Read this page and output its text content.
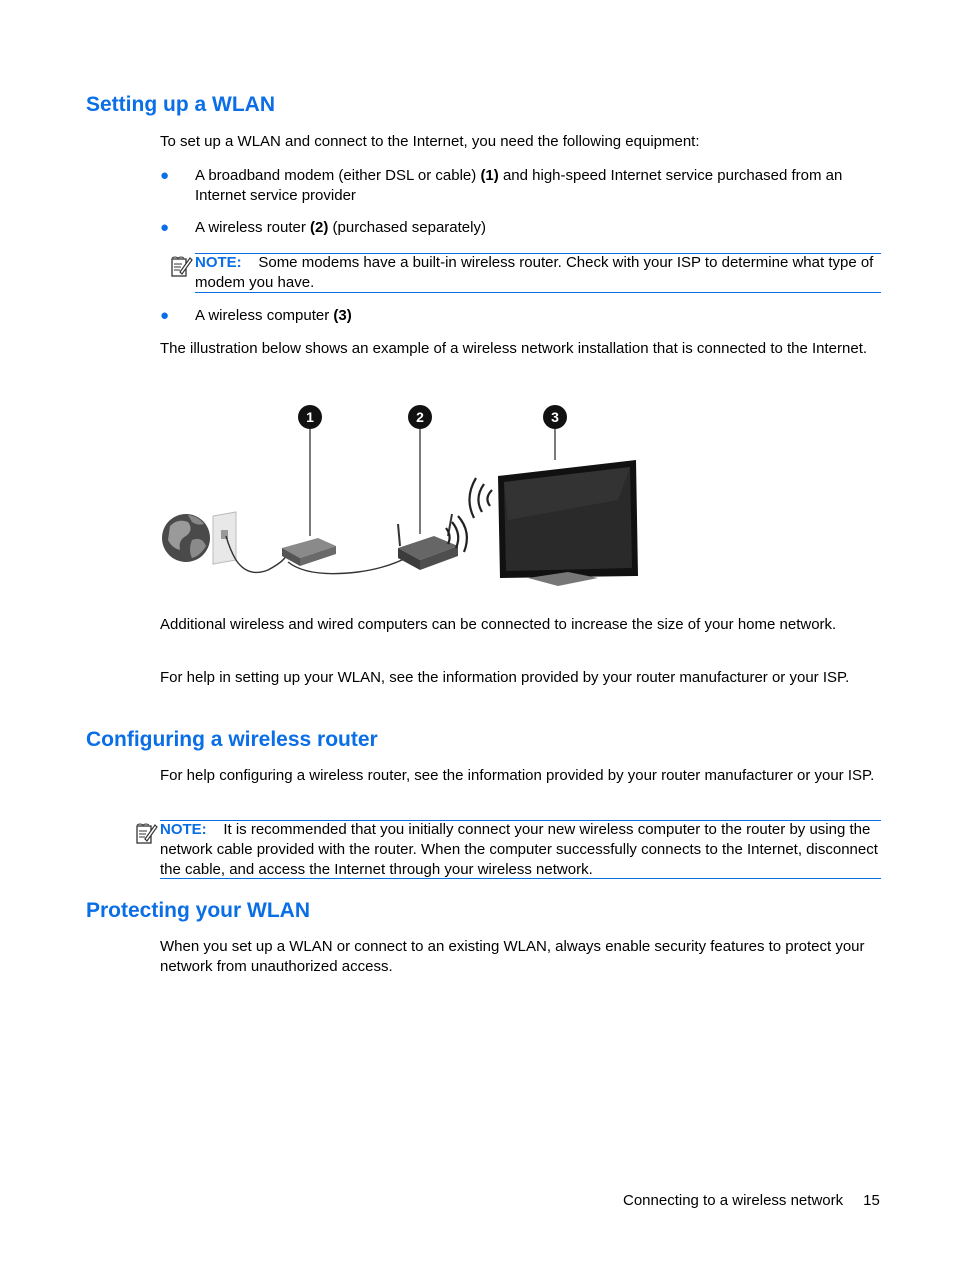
Setting up a WLAN

To set up a WLAN and connect to the Internet, you need the following equipment:

● A broadband modem (either DSL or cable) (1) and high-speed Internet service purchased from an Internet service provider
● A wireless router (2) (purchased separately)
NOTE: Some modems have a built-in wireless router. Check with your ISP to determine what type of modem you have.
● A wireless computer (3)

The illustration below shows an example of a wireless network installation that is connected to the Internet.

1	2	3

Additional wireless and wired computers can be connected to increase the size of your home network.

For help in setting up your WLAN, see the information provided by your router manufacturer or your ISP.

Configuring a wireless router

For help configuring a wireless router, see the information provided by your router manufacturer or your ISP.

NOTE: It is recommended that you initially connect your new wireless computer to the router by using the network cable provided with the router. When the computer successfully connects to the Internet, disconnect the cable, and access the Internet through your wireless network.
Protecting your WLAN

When you set up a WLAN or connect to an existing WLAN, always enable security features to protect your network from unauthorized access.

Connecting to a wireless network 15
